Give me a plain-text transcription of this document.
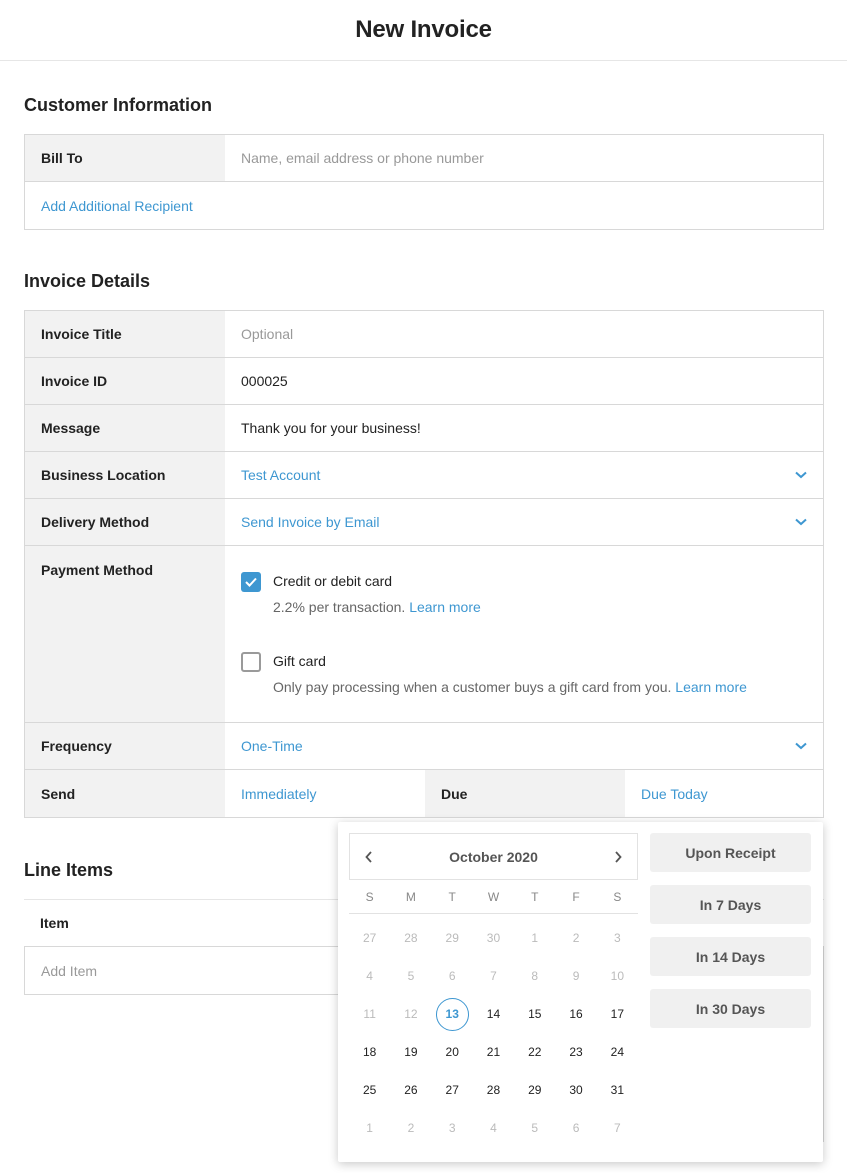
New Invoice
Customer Information
Bill To	Name, email address or phone number
Add Additional Recipient
Invoice Details
Invoice Title	Optional
Invoice ID	000025
Message	Thank you for your business!
Business Location	Test Account
Delivery Method	Send Invoice by Email
Payment Method
Credit or debit card
2.2% per transaction. Learn more
Gift card
Only pay processing when a customer buys a gift card from you. Learn more
Frequency	One-Time
Send	Immediately	Due	Due Today
Line Items
Item
Add Item
October 2020
S	M	T	W	T	F	S
27	28	29	30	1	2	3
4	5	6	7	8	9	10
11	12	13	14	15	16	17
18	19	20	21	22	23	24
25	26	27	28	29	30	31
1	2	3	4	5	6	7
Upon Receipt
In 7 Days
In 14 Days
In 30 Days
